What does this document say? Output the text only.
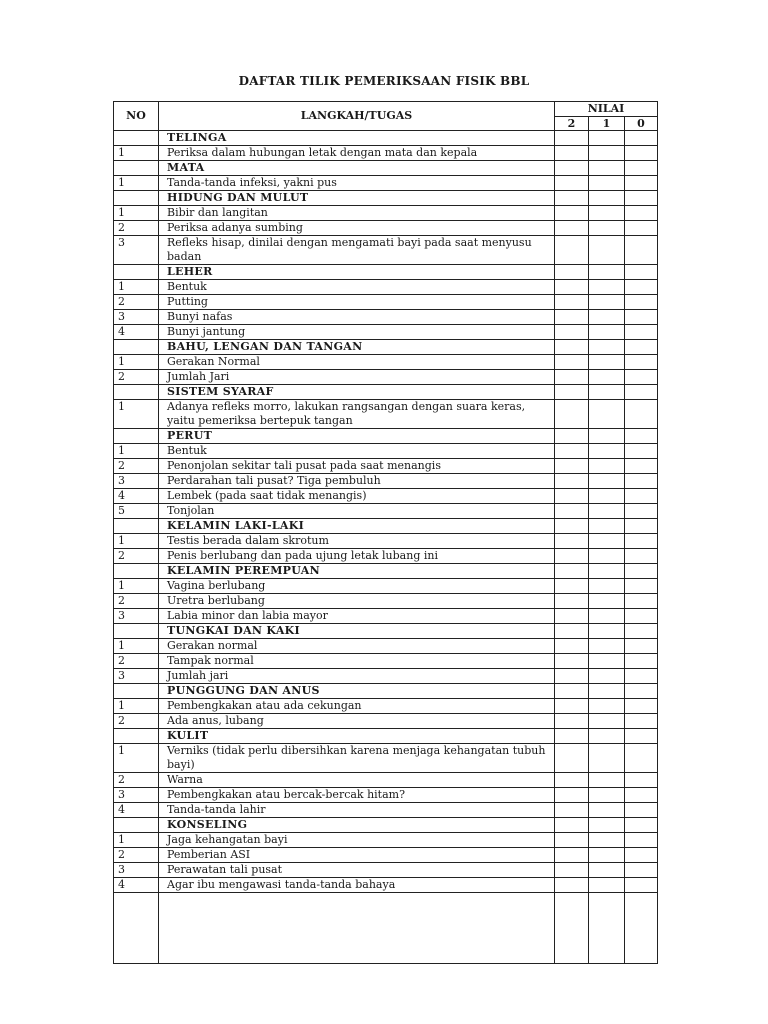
DAFTAR TILIK PEMERIKSAAN FISIK BBL
NO	LANGKAH/TUGAS	NILAI		
		2	1	0
	TELINGA			
1	Periksa dalam hubungan letak dengan mata dan kepala			
	MATA			
1	Tanda-tanda infeksi, yakni pus			
	HIDUNG DAN MULUT			
1	Bibir dan langitan			
2	Periksa adanya sumbing			
3	Refleks hisap, dinilai dengan mengamati bayi pada saat menyusu badan			
	LEHER			
1	Bentuk			
2	Putting			
3	Bunyi nafas			
4	Bunyi jantung			
	BAHU, LENGAN DAN TANGAN			
1	Gerakan Normal			
2	Jumlah Jari			
	SISTEM SYARAF			
1	Adanya refleks morro, lakukan rangsangan dengan suara keras, yaitu pemeriksa bertepuk tangan			
	PERUT			
1	Bentuk			
2	Penonjolan sekitar tali pusat pada saat menangis			
3	Perdarahan tali pusat? Tiga pembuluh			
4	Lembek (pada saat tidak menangis)			
5	Tonjolan			
	KELAMIN LAKI-LAKI			
1	Testis berada dalam skrotum			
2	Penis berlubang dan pada ujung letak lubang ini			
	KELAMIN PEREMPUAN			
1	Vagina berlubang			
2	Uretra berlubang			
3	Labia minor dan labia mayor			
	TUNGKAI DAN KAKI			
1	Gerakan normal			
2	Tampak normal			
3	Jumlah jari			
	PUNGGUNG DAN ANUS			
1	Pembengkakan atau ada cekungan			
2	Ada anus, lubang			
	KULIT			
1	Verniks (tidak perlu dibersihkan karena menjaga kehangatan tubuh bayi)			
2	Warna			
3	Pembengkakan atau bercak-bercak hitam?			
4	Tanda-tanda lahir			
	KONSELING			
1	Jaga kehangatan bayi			
2	Pemberian ASI			
3	Perawatan tali pusat			
4	Agar ibu mengawasi tanda-tanda bahaya			
